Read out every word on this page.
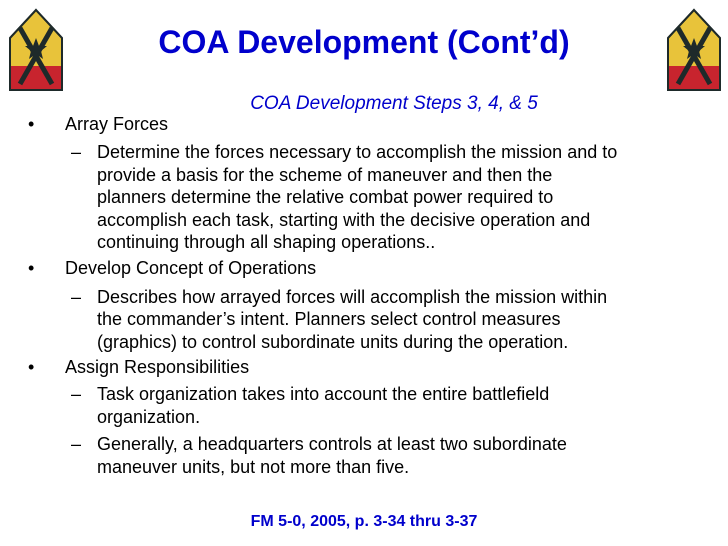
COA Development (Cont’d)
COA Development Steps 3, 4, & 5
• Array Forces
– Determine the forces necessary to accomplish the mission and to
provide a basis for the scheme of maneuver and then the
planners determine the relative combat power required to
accomplish each task, starting with the decisive operation and
continuing through all shaping operations..
• Develop Concept of Operations
– Describes how arrayed forces will accomplish the mission within
the commander’s intent. Planners select control measures
(graphics) to control subordinate units during the operation.
• Assign Responsibilities
– Task organization takes into account the entire battlefield
organization.
– Generally, a headquarters controls at least two subordinate
maneuver units, but not more than five.
FM 5-0, 2005, p. 3-34 thru 3-37
